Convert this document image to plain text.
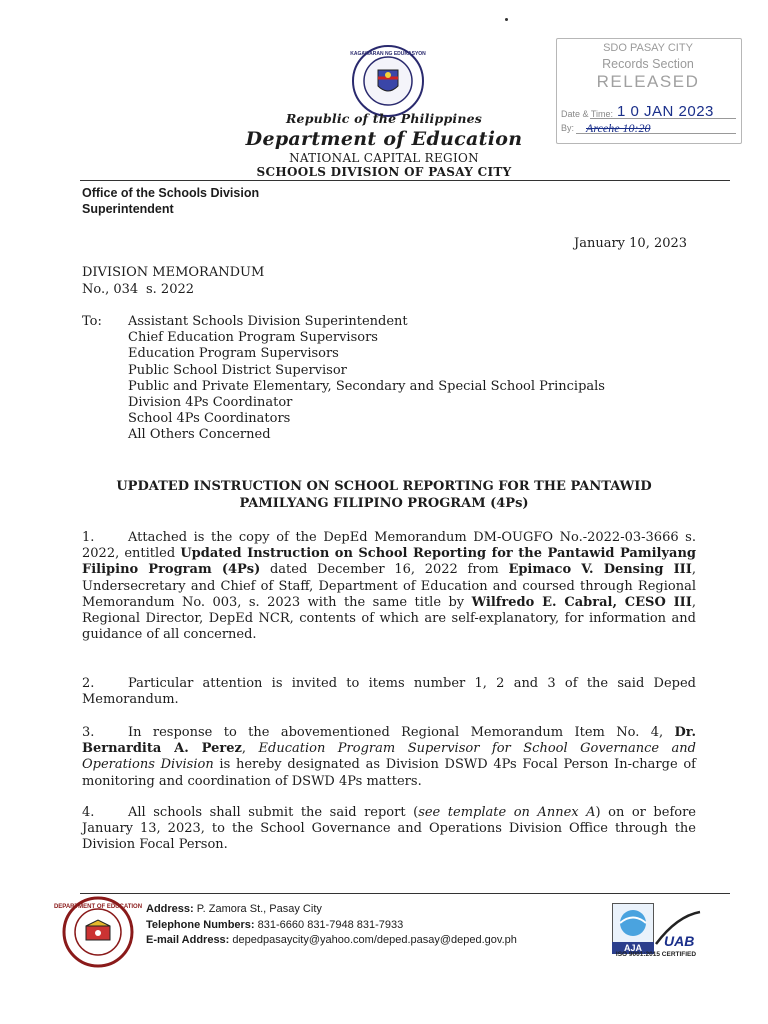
KAGAWARAN NG EDUKASYON
Republic of the Philippines
Department of Education
NATIONAL CAPITAL REGION
SCHOOLS DIVISION OF PASAY CITY
SDO PASAY CITY
Records Section
RELEASED
Date & Time: 1 0 JAN 2023
By: Arcehe 10:20
Office of the Schools Division Superintendent
January 10, 2023
DIVISION MEMORANDUM
No., 034 s. 2022
To: Assistant Schools Division Superintendent
Chief Education Program Supervisors
Education Program Supervisors
Public School District Supervisor
Public and Private Elementary, Secondary and Special School Principals
Division 4Ps Coordinator
School 4Ps Coordinators
All Others Concerned
UPDATED INSTRUCTION ON SCHOOL REPORTING FOR THE PANTAWID PAMILYANG FILIPINO PROGRAM (4Ps)
1.	Attached is the copy of the DepEd Memorandum DM-OUGFO No.-2022-03-3666 s. 2022, entitled Updated Instruction on School Reporting for the Pantawid Pamilyang Filipino Program (4Ps) dated December 16, 2022 from Epimaco V. Densing III, Undersecretary and Chief of Staff, Department of Education and coursed through Regional Memorandum No. 003, s. 2023 with the same title by Wilfredo E. Cabral, CESO III, Regional Director, DepEd NCR, contents of which are self-explanatory, for information and guidance of all concerned.
2.	Particular attention is invited to items number 1, 2 and 3 of the said Deped Memorandum.
3.	In response to the abovementioned Regional Memorandum Item No. 4, Dr. Bernardita A. Perez, Education Program Supervisor for School Governance and Operations Division is hereby designated as Division DSWD 4Ps Focal Person In-charge of monitoring and coordination of DSWD 4Ps matters.
4.	All schools shall submit the said report (see template on Annex A) on or before January 13, 2023, to the School Governance and Operations Division Office through the Division Focal Person.
DEPARTMENT OF EDUCATION Address: P. Zamora St., Pasay City
Telephone Numbers: 831-6660 831-7948 831-7933
E-mail Address: depedpasaycity@yahoo.com/deped.pasay@deped.gov.ph
AJA	UAB
ISO 9001:2015 CERTIFIED
